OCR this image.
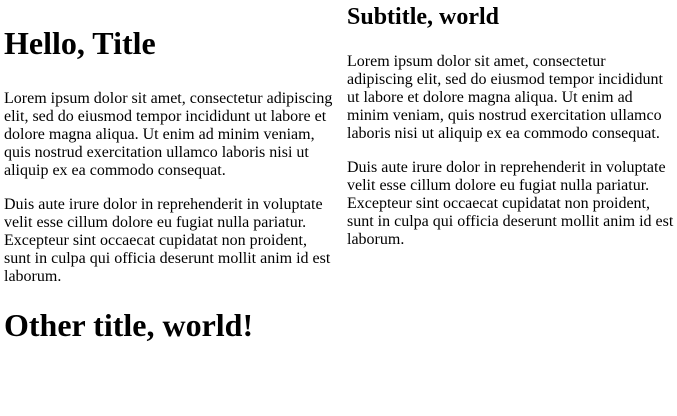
Hello, Title

Lorem ipsum dolor sit amet, consectetur adipiscing elit, sed do eiusmod tempor incididunt ut labore et dolore magna aliqua. Ut enim ad minim veniam, quis nostrud exercitation ullamco laboris nisi ut aliquip ex ea commodo consequat.

Duis aute irure dolor in reprehenderit in voluptate velit esse cillum dolore eu fugiat nulla pariatur. Excepteur sint occaecat cupidatat non proident, sunt in culpa qui officia deserunt mollit anim id est laborum.

Other title, world!
Subtitle, world

Lorem ipsum dolor sit amet, consectetur adipiscing elit, sed do eiusmod tempor incididunt ut labore et dolore magna aliqua. Ut enim ad minim veniam, quis nostrud exercitation ullamco laboris nisi ut aliquip ex ea commodo consequat.

Duis aute irure dolor in reprehenderit in voluptate velit esse cillum dolore eu fugiat nulla pariatur. Excepteur sint occaecat cupidatat non proident, sunt in culpa qui officia deserunt mollit anim id est laborum.
